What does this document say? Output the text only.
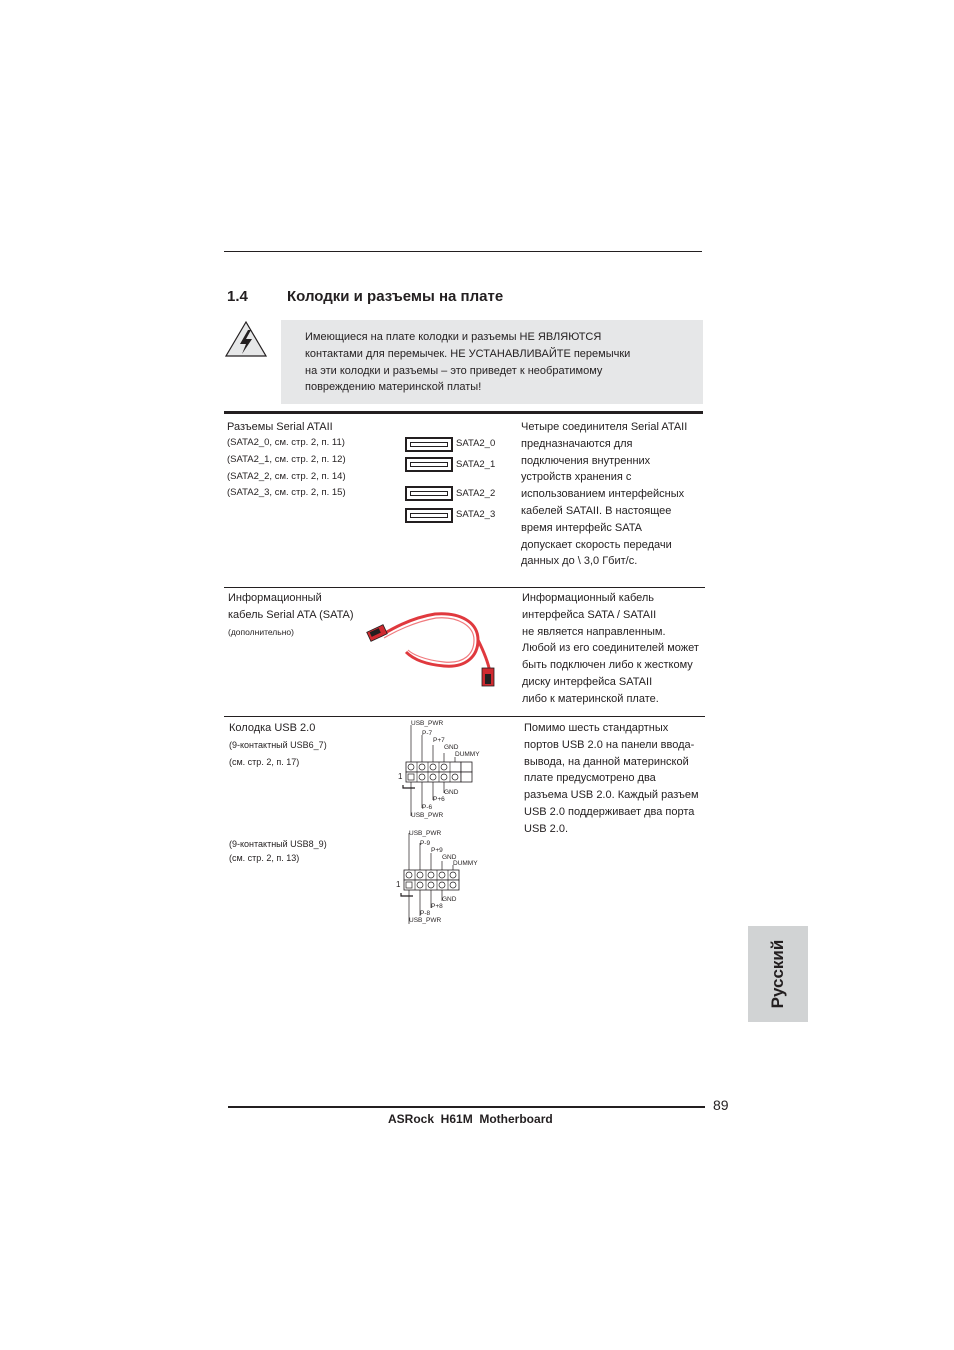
1.4	Колодки и разъемы на плате
Имеющиеся на плате колодки и разъемы НЕ ЯВЛЯЮТСЯ
контактами для перемычек. НЕ УСТАНАВЛИВАЙТЕ перемычки
на эти колодки и разъемы – это приведет к необратимому
повреждению материнской платы!
Разъемы Serial ATAII
(SATA2_0, см. стр. 2, п. 11)
(SATA2_1, см. стр. 2, п. 12)
(SATA2_2, см. стр. 2, п. 14)
(SATA2_3, см. стр. 2, п. 15)
SATA2_0
SATA2_1
SATA2_2
SATA2_3
Четыре соединителя Serial ATAII
предназначаются для
подключения внутренних
устройств хранения с
использованием интерфейсных
кабелей SATAII. В настоящее
время интерфейс SATA
допускает скорость передачи
данных до \ 3,0 Гбит/с.
Информационный
кабель Serial ATA (SATA)
(дополнительно)
Информационный кабель
интерфейса SATA / SATAII
не является направленным.
Любой из его соединителей может
быть подключен либо к жесткому
диску интерфейса SATAII
либо к материнской плате.
Колодка USB 2.0
(9-контактный USB6_7)
(см. стр. 2, п. 17)
(9-контактный USB8_9)
(см. стр. 2, п. 13)
USB_PWR
P-7
P+7
GND
DUMMY
GND
P+6
P-6
USB_PWR
1
USB_PWR
P-9
P+9
GND
DUMMY
GND
P+8
P-8
USB_PWR
1
Помимо шесть стандартных
портов USB 2.0 на панели ввода-
вывода, на данной материнской
плате предусмотрено два
разъема USB 2.0. Каждый разъем
USB 2.0 поддерживает два порта
USB 2.0.
Русский
89
ASRock  H61M  Motherboard
